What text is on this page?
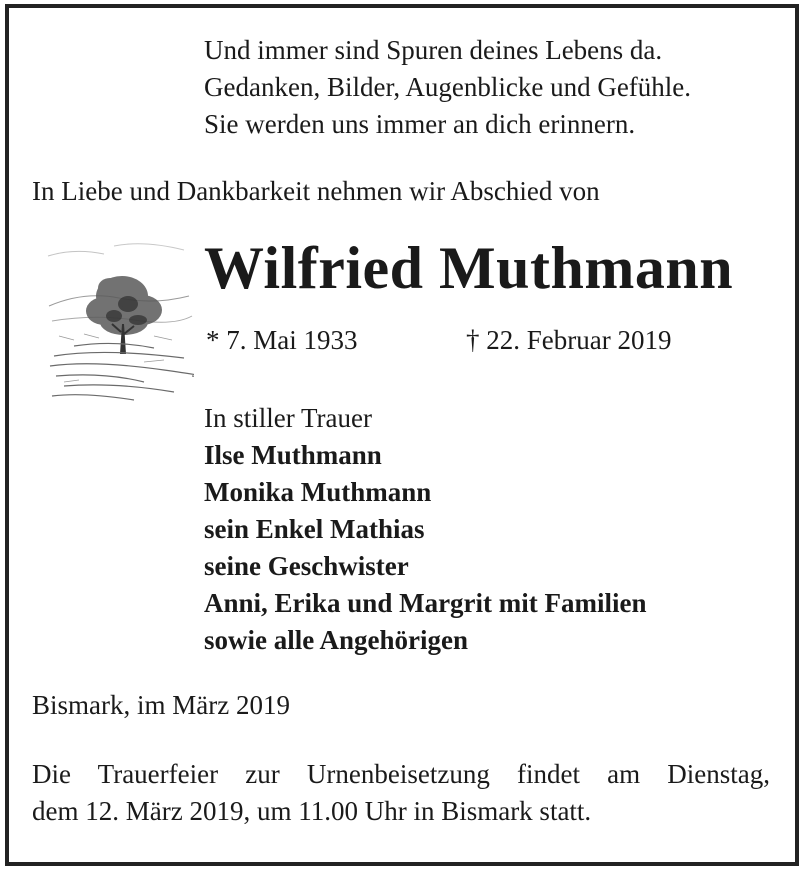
Und immer sind Spuren deines Lebens da.
Gedanken, Bilder, Augenblicke und Gefühle.
Sie werden uns immer an dich erinnern.
In Liebe und Dankbarkeit nehmen wir Abschied von
Wilfried Muthmann
* 7. Mai 1933	† 22. Februar 2019
In stiller Trauer
Ilse Muthmann
Monika Muthmann
sein Enkel Mathias
seine Geschwister
Anni, Erika und Margrit mit Familien
sowie alle Angehörigen
Bismark, im März 2019
Die Trauerfeier zur Urnenbeisetzung findet am Dienstag,
dem 12. März 2019, um 11.00 Uhr in Bismark statt.
